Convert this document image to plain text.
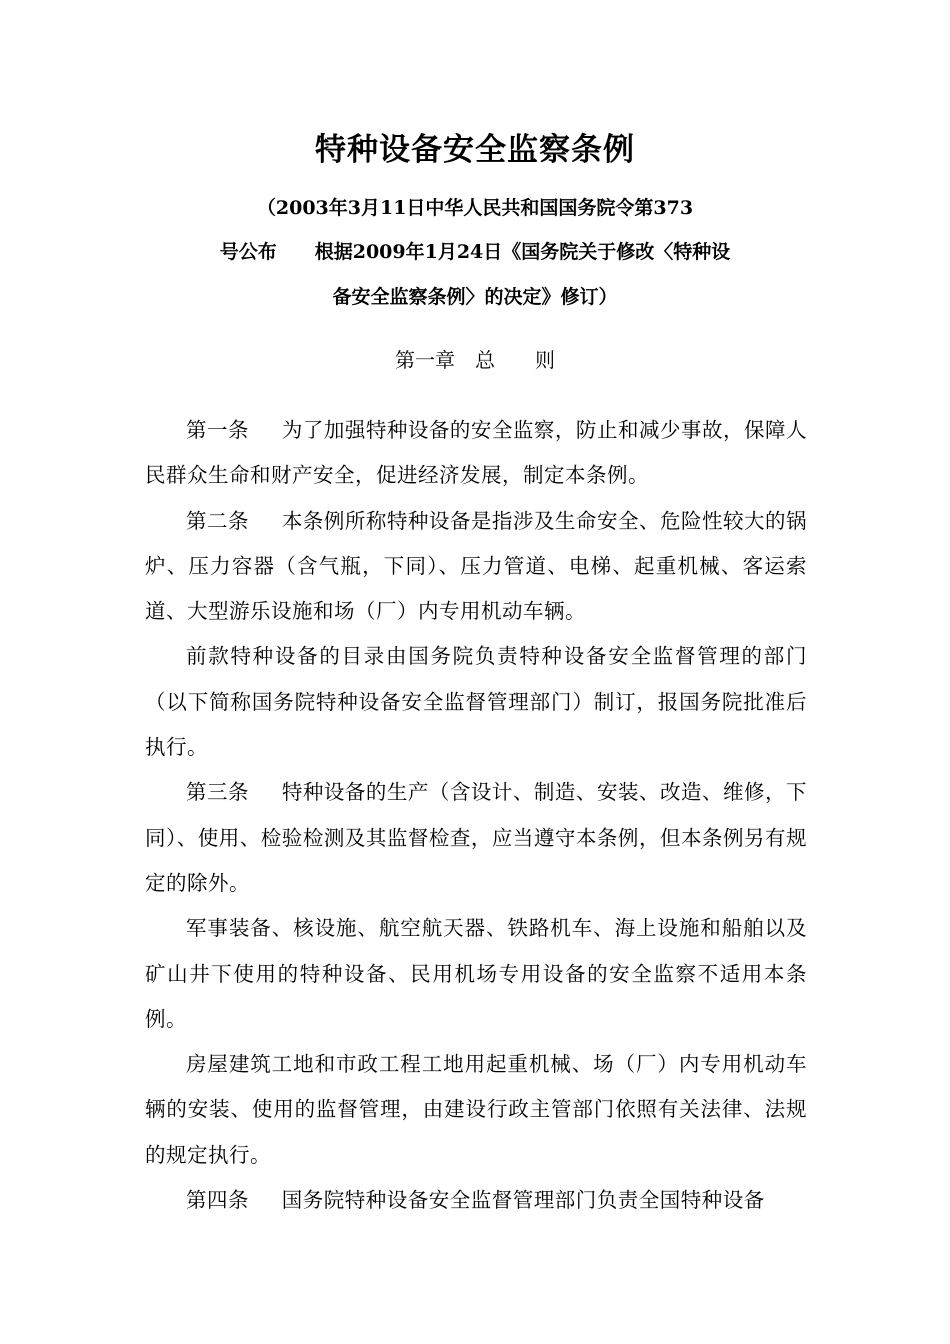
特种设备安全监察条例
（2003年3月11日中华人民共和国国务院令第373
号公布　　根据2009年1月24日《国务院关于修改〈特种设
备安全监察条例〉的决定》修订）
第一章　总　　则

第一条 为了加强特种设备的安全监察，防止和减少事故，保障人民群众生命和财产安全，促进经济发展，制定本条例。

第二条 本条例所称特种设备是指涉及生命安全、危险性较大的锅炉、压力容器（含气瓶，下同）、压力管道、电梯、起重机械、客运索道、大型游乐设施和场（厂）内专用机动车辆。

前款特种设备的目录由国务院负责特种设备安全监督管理的部门（以下简称国务院特种设备安全监督管理部门）制订，报国务院批准后执行。

第三条 特种设备的生产（含设计、制造、安装、改造、维修，下同）、使用、检验检测及其监督检查，应当遵守本条例，但本条例另有规定的除外。

军事装备、核设施、航空航天器、铁路机车、海上设施和船舶以及矿山井下使用的特种设备、民用机场专用设备的安全监察不适用本条例。

房屋建筑工地和市政工程工地用起重机械、场（厂）内专用机动车辆的安装、使用的监督管理，由建设行政主管部门依照有关法律、法规的规定执行。

第四条 国务院特种设备安全监督管理部门负责全国特种设备
